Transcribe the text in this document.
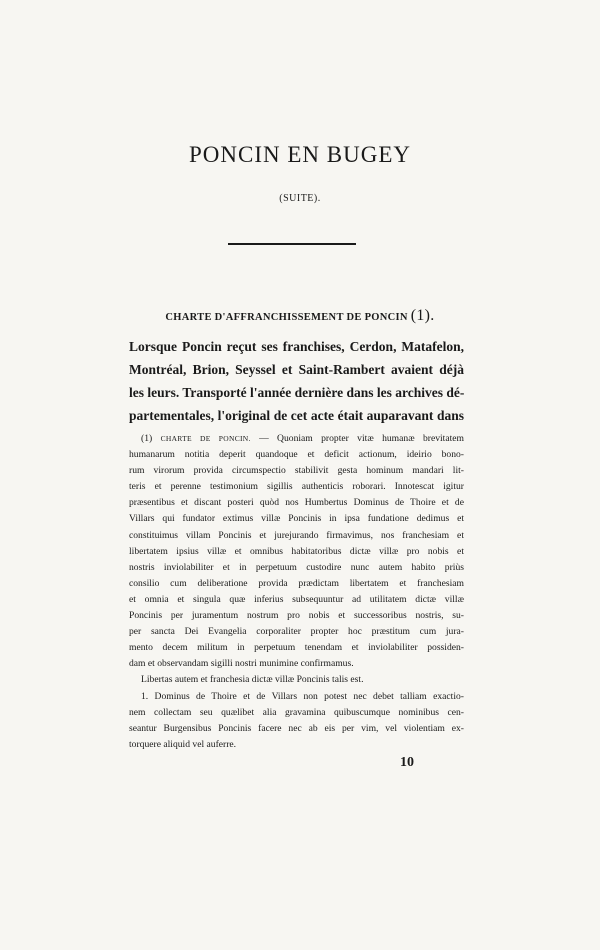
PONCIN EN BUGEY
(SUITE).
CHARTE D'AFFRANCHISSEMENT DE PONCIN (1).

Lorsque Poncin reçut ses franchises, Cerdon, Matafelon,
Montréal, Brion, Seyssel et Saint-Rambert avaient déjà
les leurs. Transporté l'année dernière dans les archives dé-
partementales, l'original de cet acte était auparavant dans

(1) CHARTE DE PONCIN. — Quoniam propter vitæ humanæ brevitatem
humanarum notitia deperit quandoque et deficit actionum, ideirio bono-
rum virorum provida circumspectio stabilivit gesta hominum mandari lit-
teris et perenne testimonium sigillis authenticis roborari. Innotescat igitur
præsentibus et discant posteri quòd nos Humbertus Dominus de Thoire et de
Villars qui fundator extimus villæ Poncinis in ipsa fundatione dedimus et
constituimus villam Poncinis et jurejurando firmavimus, nos franchesiam et
libertatem ipsius villæ et omnibus habitatoribus dictæ villæ pro nobis et
nostris inviolabiliter et in perpetuum custodire nunc autem habito priùs
consilio cum deliberatione provida prædictam libertatem et franchesiam
et omnia et singula quæ inferius subsequuntur ad utilitatem dictæ villæ
Poncinis per juramentum nostrum pro nobis et successoribus nostris, su-
per sancta Dei Evangelia corporaliter propter hoc præstitum cum jura-
mento decem militum in perpetuum tenendam et inviolabiliter possiden-
dam et observandam sigilli nostri munimine confirmamus.
Libertas autem et franchesia dictæ villæ Poncinis talis est.
1. Dominus de Thoire et de Villars non potest nec debet talliam exactio-
nem collectam seu quælibet alia gravamina quibuscumque nominibus cen-
seantur Burgensibus Poncinis facere nec ab eis per vim, vel violentiam ex-
torquere aliquid vel auferre.
10
